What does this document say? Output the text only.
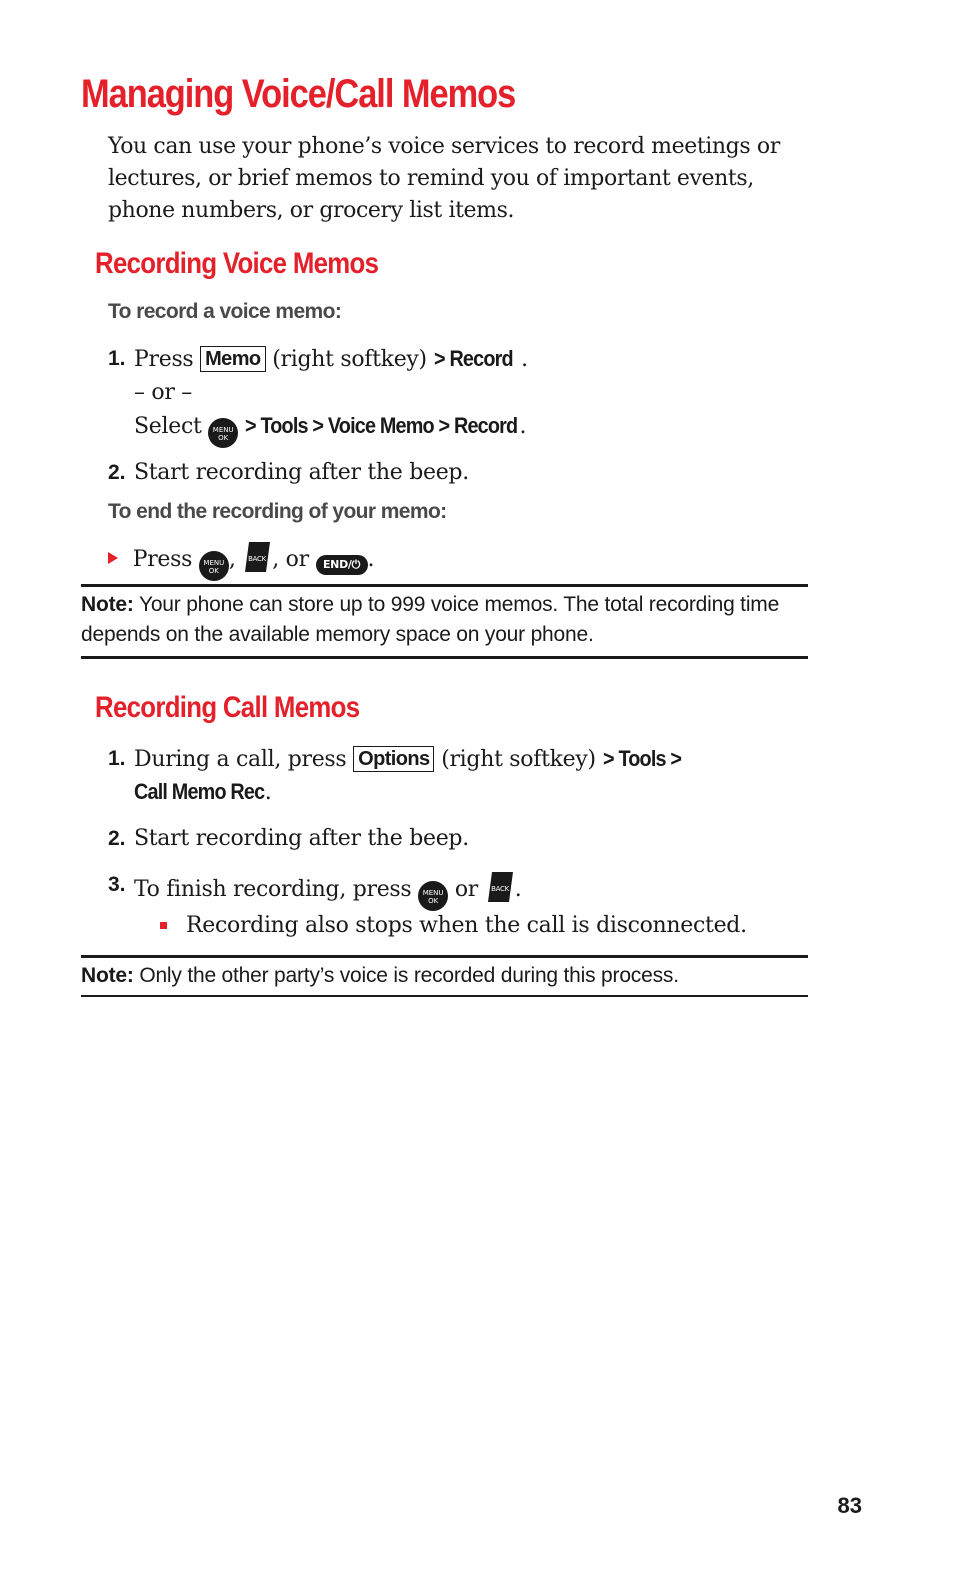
Managing Voice/Call Memos

You can use your phone’s voice services to record meetings or lectures, or brief memos to remind you of important events, phone numbers, or grocery list items.

Recording Voice Memos

To record a voice memo:

1. Press Memo (right softkey) > Record .
– or –
Select MENU
OK > Tools > Voice Memo > Record .
2. Start recording after the beep.

To end the recording of your memo:

Press MENU
OK , BACK , or END/⏻ .

Note: Your phone can store up to 999 voice memos. The total recording time depends on the available memory space on your phone.

Recording Call Memos
1. During a call, press Options (right softkey) > Tools >
Call Memo Rec.
2. Start recording after the beep.
3. To finish recording, press MENU
OK or BACK .
Recording also stops when the call is disconnected.

Note: Only the other party’s voice is recorded during this process.

83
